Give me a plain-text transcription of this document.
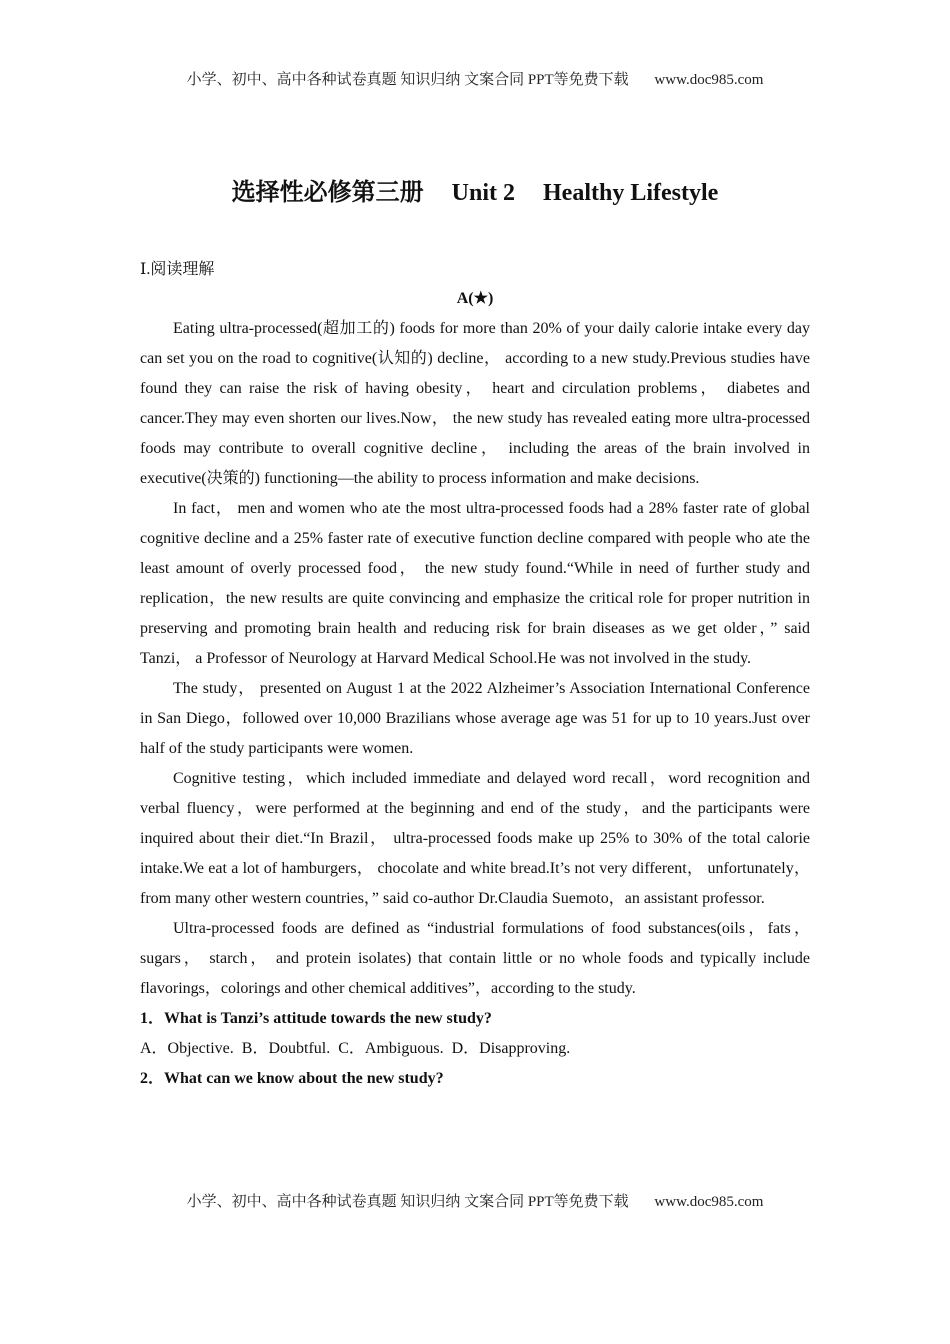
小学、初中、高中各种试卷真题 知识归纳 文案合同 PPT等免费下载 www.doc985.com
选择性必修第三册 Unit 2 Healthy Lifestyle
Ⅰ.阅读理解
A(★)

Eating ultra-processed(超加工的) foods for more than 20% of your daily calorie intake every day can set you on the road to cognitive(认知的) decline， according to a new study.Previous studies have found they can raise the risk of having obesity， heart and circulation problems， diabetes and cancer.They may even shorten our lives.Now， the new study has revealed eating more ultra-processed foods may contribute to overall cognitive decline， including the areas of the brain involved in executive(决策的) functioning—the ability to process information and make decisions.

In fact， men and women who ate the most ultra-processed foods had a 28% faster rate of global cognitive decline and a 25% faster rate of executive function decline compared with people who ate the least amount of overly processed food， the new study found.“While in need of further study and replication，the new results are quite convincing and emphasize the critical role for proper nutrition in preserving and promoting brain health and reducing risk for brain diseases as we get older，” said Tanzi， a Professor of Neurology at Harvard Medical School.He was not involved in the study.

The study， presented on August 1 at the 2022 Alzheimer’s Association International Conference in San Diego，followed over 10,000 Brazilians whose average age was 51 for up to 10 years.Just over half of the study participants were women.

Cognitive testing，which included immediate and delayed word recall，word recognition and verbal fluency，were performed at the beginning and end of the study，and the participants were inquired about their diet.“In Brazil， ultra-processed foods make up 25% to 30% of the total calorie intake.We eat a lot of hamburgers， chocolate and white bread.It’s not very different， unfortunately，from many other western countries，” said co-author Dr.Claudia Suemoto，an assistant professor.

Ultra-processed foods are defined as “industrial formulations of food substances(oils，fats， sugars， starch， and protein isolates) that contain little or no whole foods and typically include flavorings，colorings and other chemical additives”，according to the study.

1．What is Tanzi’s attitude towards the new study?
A．Objective. B．Doubtful. C．Ambiguous. D．Disapproving.
2．What can we know about the new study?
小学、初中、高中各种试卷真题 知识归纳 文案合同 PPT等免费下载 www.doc985.com
